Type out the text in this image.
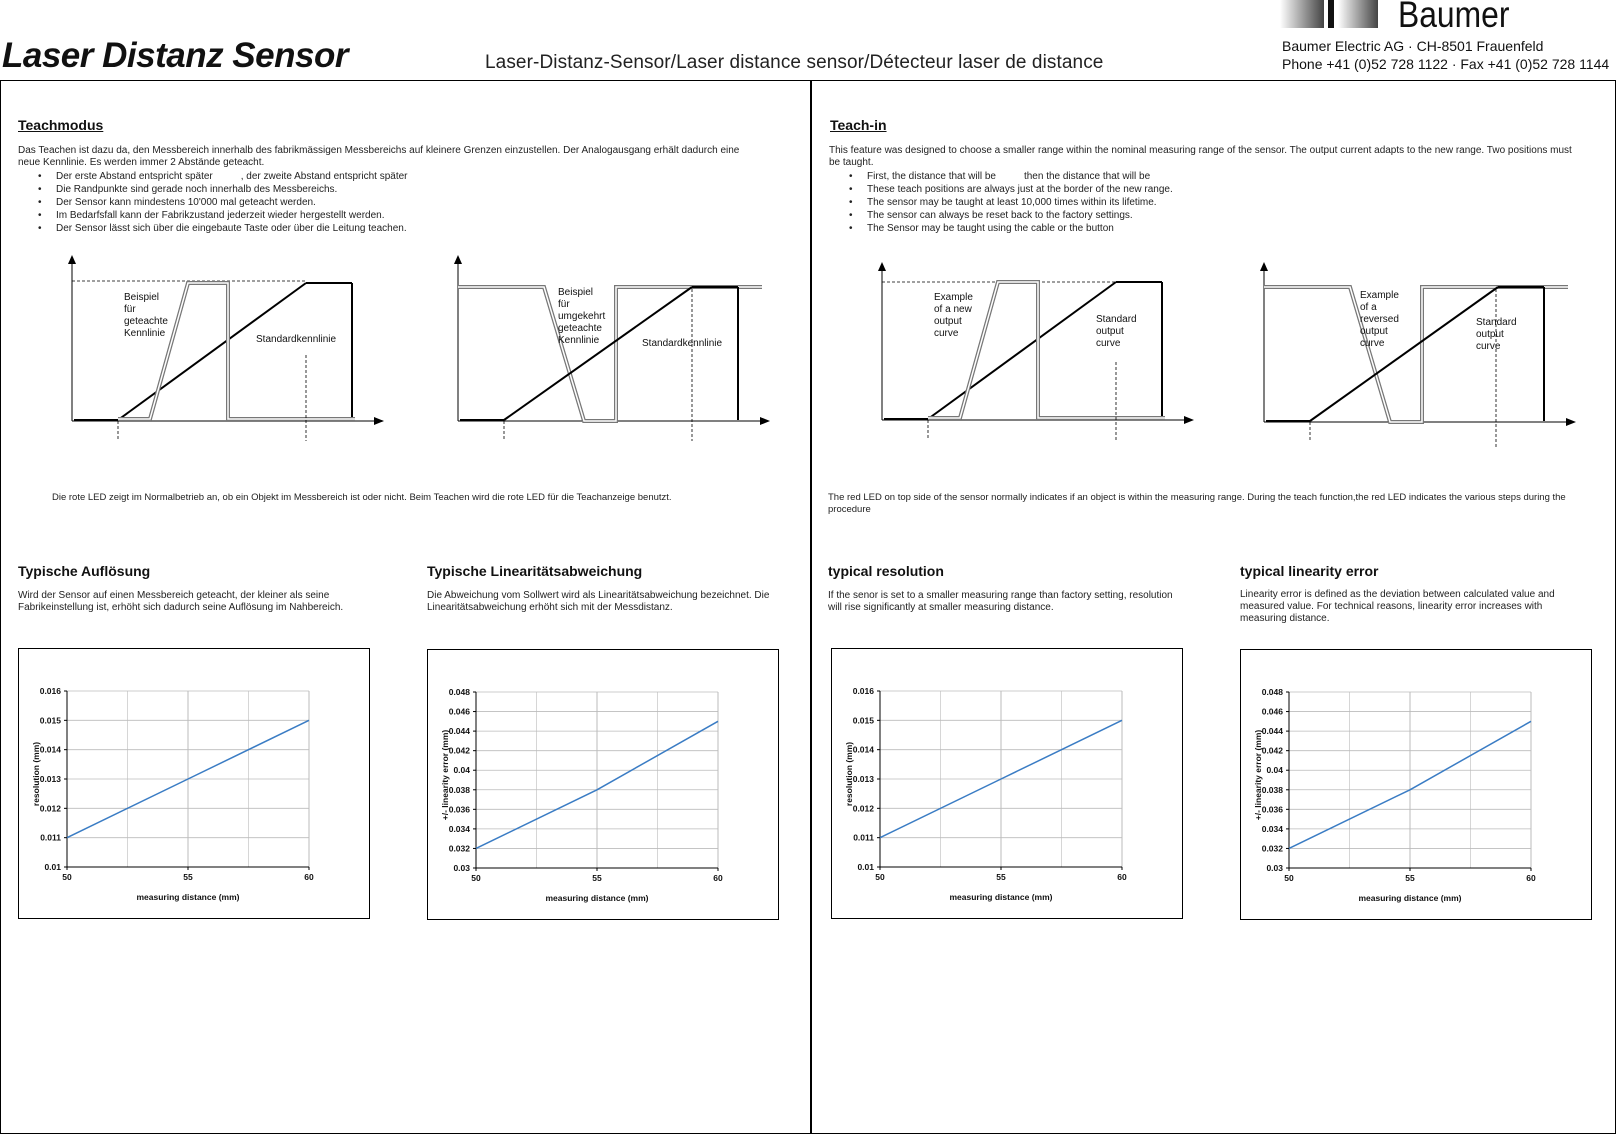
Baumer
Baumer Electric AG · CH-8501 Frauenfeld
Phone +41 (0)52 728 1122 · Fax +41 (0)52 728 1144
Laser Distanz Sensor	Laser-Distanz-Sensor/Laser distance sensor/Détecteur laser de distance
Teachmodus
Das Teachen ist dazu da, den Messbereich innerhalb des fabrikmässigen Messbereichs auf kleinere Grenzen einzustellen. Der Analogausgang erhält dadurch eine neue Kennlinie. Es werden immer 2 Abstände geteacht.
• Der erste Abstand entspricht später	, der zweite Abstand entspricht später
• Die Randpunkte sind gerade noch innerhalb des Messbereichs.
• Der Sensor kann mindestens 10'000 mal geteacht werden.
• Im Bedarfsfall kann der Fabrikzustand jederzeit wieder hergestellt werden.
• Der Sensor lässt sich über die eingebaute Taste oder über die Leitung teachen.
Beispiel für geteachte Kennlinie
Standardkennlinie
Beispiel für umgekehrt geteachte Kennlinie	Standardkennlinie
Die rote LED zeigt im Normalbetrieb an, ob ein Objekt im Messbereich ist oder nicht. Beim Teachen wird die rote LED für die Teachanzeige benutzt.
Typische Auflösung
Wird der Sensor auf einen Messbereich geteacht, der kleiner als seine Fabrikeinstellung ist, erhöht sich dadurch seine Auflösung im Nahbereich.
Typische Linearitätsabweichung
Die Abweichung vom Sollwert wird als Linearitätsabweichung bezeichnet. Die Linearitätsabweichung erhöht sich mit der Messdistanz.
Teach-in
This feature was designed to choose a smaller range within the nominal measuring range of the sensor. The output current adapts to the new range. Two positions must be taught.
• First, the distance that will be	then the distance that will be
• These teach positions are always just at the border of the new range.
• The sensor may be taught at least 10,000 times within its lifetime.
• The sensor can always be reset back to the factory settings.
• The Sensor may be taught using the cable or the button
Example of a new output curve
Standard output curve
Example of a reversed output curve
Standard output curve
The red LED on top side of the sensor normally indicates if an object is within the measuring range. During the teach function,the red LED indicates the various steps during the procedure
typical resolution
If the senor is set to a smaller measuring range than factory setting, resolution will rise significantly at smaller measuring distance.
typical linearity error
Linearity error is defined as the deviation between calculated value and measured value. For technical reasons, linearity error increases with measuring distance.
0.01
0.011
0.012
0.013
0.014
0.015
0.016
50	55	60
measuring distance (mm)
resolution (mm)
0.03
0.032
0.034
0.036
0.038
0.04
0.042
0.044
0.046
0.048
50	55	60
measuring distance (mm)
+/- linearity error (mm)
0.01
0.011
0.012
0.013
0.014
0.015
0.016
50	55	60
measuring distance (mm)
resolution (mm)
0.03
0.032
0.034
0.036
0.038
0.04
0.042
0.044
0.046
0.048
50	55	60
measuring distance (mm)
+/- linearity error (mm)
